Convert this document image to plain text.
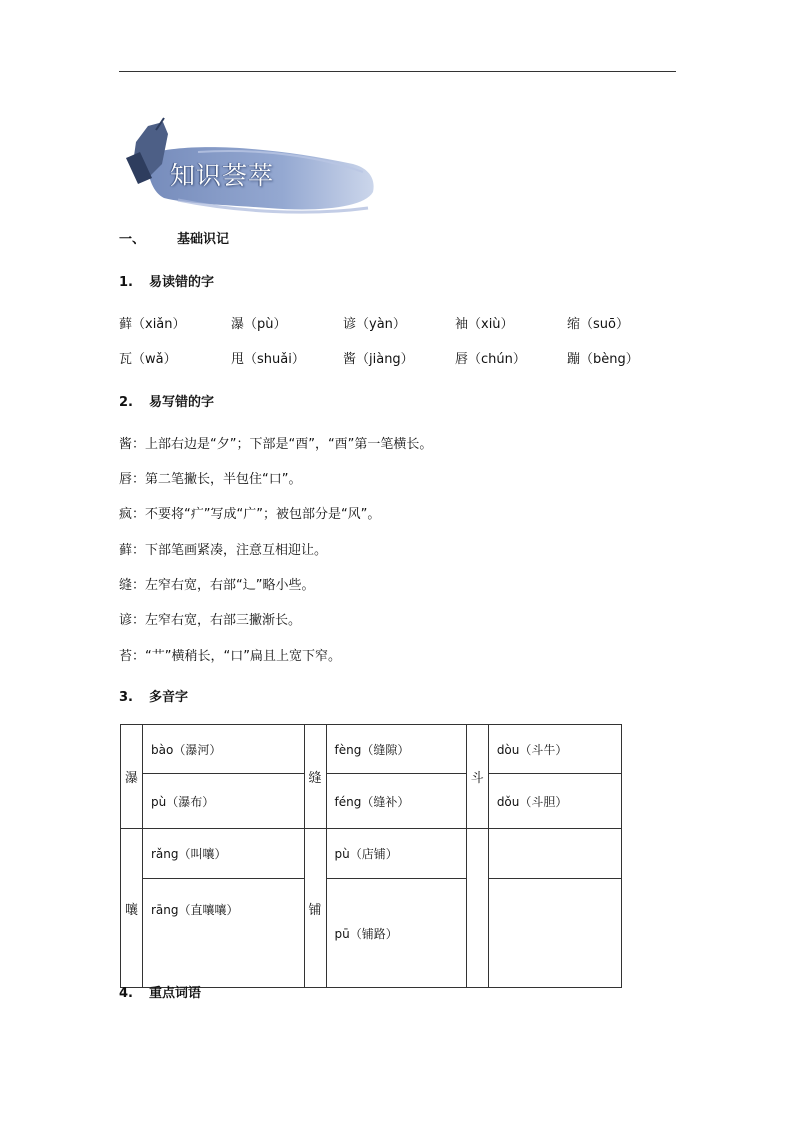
知识荟萃
一、 基础识记
1. 易读错的字
藓（xiǎn）	瀑（pù）	谚（yàn）	袖（xiù）	缩（suō）
瓦（wǎ）	甩（shuǎi）	酱（jiàng）	唇（chún）	蹦（bèng）
2. 易写错的字
酱：上部右边是“夕”；下部是“酉”，“酉”第一笔横长。
唇：第二笔撇长，半包住“口”。
疯：不要将“疒”写成“广”；被包部分是“风”。
藓：下部笔画紧凑，注意互相迎让。
缝：左窄右宽，右部“辶”略小些。
谚：左窄右宽，右部三撇渐长。
苔：“艹”横稍长，“口”扁且上宽下窄。
3. 多音字
瀑	bào（瀑河）	缝	fèng（缝隙）	斗	dòu（斗牛）
	pù（瀑布）		féng（缝补）		dǒu（斗胆）
嚷	rǎng（叫嚷）	铺	pù（店铺）		
	rāng（直嚷嚷）		pū（铺路）		
4. 重点词语
